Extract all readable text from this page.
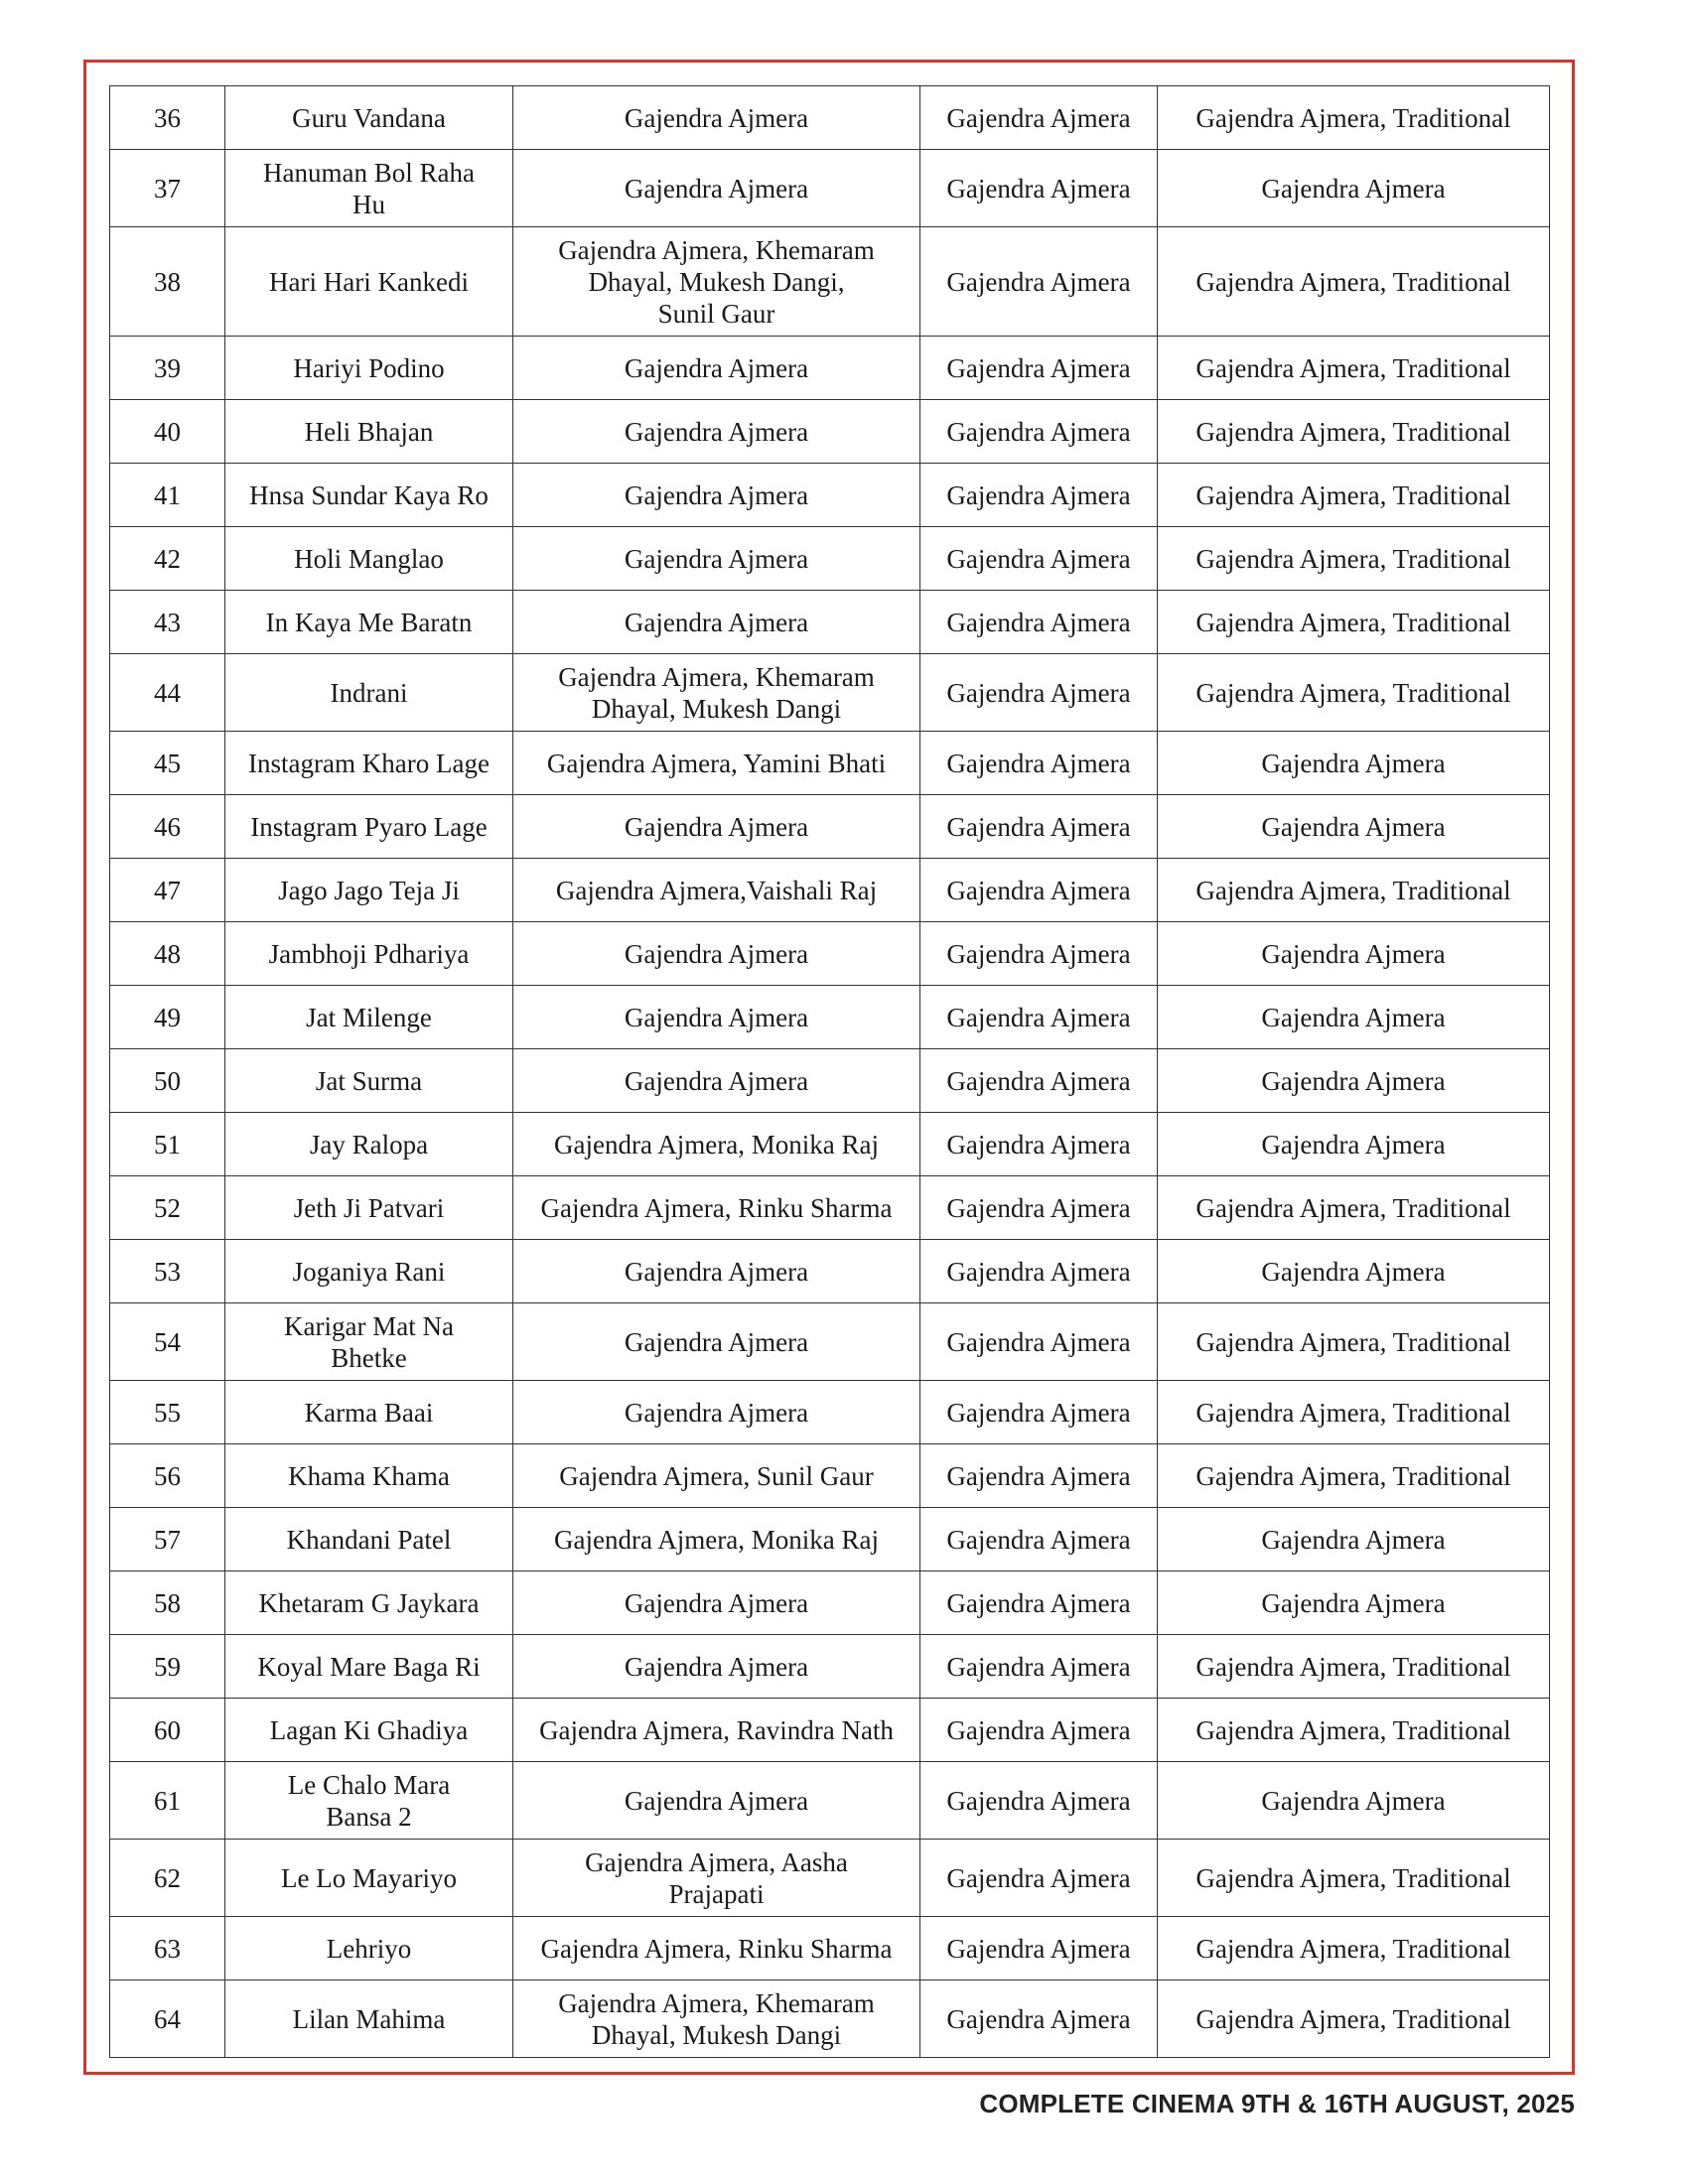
36	Guru Vandana	Gajendra Ajmera	Gajendra Ajmera	Gajendra Ajmera, Traditional
37	Hanuman Bol Raha
Hu	Gajendra Ajmera	Gajendra Ajmera	Gajendra Ajmera
38	Hari Hari Kankedi	Gajendra Ajmera, Khemaram
Dhayal, Mukesh Dangi,
Sunil Gaur	Gajendra Ajmera	Gajendra Ajmera, Traditional
39	Hariyi Podino	Gajendra Ajmera	Gajendra Ajmera	Gajendra Ajmera, Traditional
40	Heli Bhajan	Gajendra Ajmera	Gajendra Ajmera	Gajendra Ajmera, Traditional
41	Hnsa Sundar Kaya Ro	Gajendra Ajmera	Gajendra Ajmera	Gajendra Ajmera, Traditional
42	Holi Manglao	Gajendra Ajmera	Gajendra Ajmera	Gajendra Ajmera, Traditional
43	In Kaya Me Baratn	Gajendra Ajmera	Gajendra Ajmera	Gajendra Ajmera, Traditional
44	Indrani	Gajendra Ajmera, Khemaram
Dhayal, Mukesh Dangi	Gajendra Ajmera	Gajendra Ajmera, Traditional
45	Instagram Kharo Lage	Gajendra Ajmera, Yamini Bhati	Gajendra Ajmera	Gajendra Ajmera
46	Instagram Pyaro Lage	Gajendra Ajmera	Gajendra Ajmera	Gajendra Ajmera
47	Jago Jago Teja Ji	Gajendra Ajmera,Vaishali Raj	Gajendra Ajmera	Gajendra Ajmera, Traditional
48	Jambhoji Pdhariya	Gajendra Ajmera	Gajendra Ajmera	Gajendra Ajmera
49	Jat Milenge	Gajendra Ajmera	Gajendra Ajmera	Gajendra Ajmera
50	Jat Surma	Gajendra Ajmera	Gajendra Ajmera	Gajendra Ajmera
51	Jay Ralopa	Gajendra Ajmera, Monika Raj	Gajendra Ajmera	Gajendra Ajmera
52	Jeth Ji Patvari	Gajendra Ajmera, Rinku Sharma	Gajendra Ajmera	Gajendra Ajmera, Traditional
53	Joganiya Rani	Gajendra Ajmera	Gajendra Ajmera	Gajendra Ajmera
54	Karigar Mat Na
Bhetke	Gajendra Ajmera	Gajendra Ajmera	Gajendra Ajmera, Traditional
55	Karma Baai	Gajendra Ajmera	Gajendra Ajmera	Gajendra Ajmera, Traditional
56	Khama Khama	Gajendra Ajmera, Sunil Gaur	Gajendra Ajmera	Gajendra Ajmera, Traditional
57	Khandani Patel	Gajendra Ajmera, Monika Raj	Gajendra Ajmera	Gajendra Ajmera
58	Khetaram G Jaykara	Gajendra Ajmera	Gajendra Ajmera	Gajendra Ajmera
59	Koyal Mare Baga Ri	Gajendra Ajmera	Gajendra Ajmera	Gajendra Ajmera, Traditional
60	Lagan Ki Ghadiya	Gajendra Ajmera, Ravindra Nath	Gajendra Ajmera	Gajendra Ajmera, Traditional
61	Le Chalo Mara
Bansa 2	Gajendra Ajmera	Gajendra Ajmera	Gajendra Ajmera
62	Le Lo Mayariyo	Gajendra Ajmera, Aasha
Prajapati	Gajendra Ajmera	Gajendra Ajmera, Traditional
63	Lehriyo	Gajendra Ajmera, Rinku Sharma	Gajendra Ajmera	Gajendra Ajmera, Traditional
64	Lilan Mahima	Gajendra Ajmera, Khemaram
Dhayal, Mukesh Dangi	Gajendra Ajmera	Gajendra Ajmera, Traditional
COMPLETE CINEMA 9TH & 16TH AUGUST, 2025
